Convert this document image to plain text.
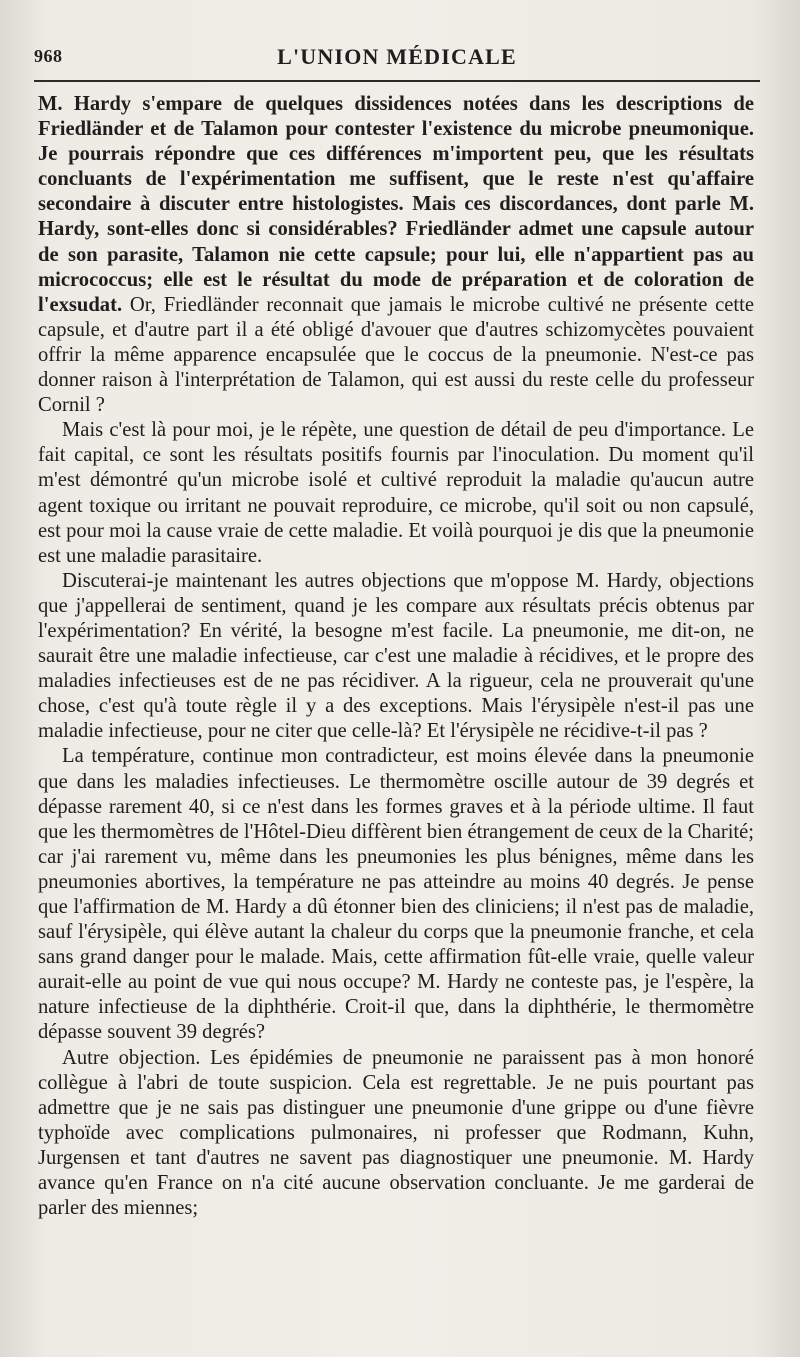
968	L'UNION MÉDICALE

M. Hardy s'empare de quelques dissidences notées dans les descriptions de Friedländer et de Talamon pour contester l'existence du microbe pneumonique. Je pourrais répondre que ces différences m'importent peu, que les résultats concluants de l'expérimentation me suffisent, que le reste n'est qu'affaire secondaire à discuter entre histologistes. Mais ces discordances, dont parle M. Hardy, sont-elles donc si considérables? Friedländer admet une capsule autour de son parasite, Talamon nie cette capsule; pour lui, elle n'appartient pas au micrococcus; elle est le résultat du mode de préparation et de coloration de l'exsudat. Or, Friedländer reconnait que jamais le microbe cultivé ne présente cette capsule, et d'autre part il a été obligé d'avouer que d'autres schizomycètes pouvaient offrir la même apparence encapsulée que le coccus de la pneumonie. N'est-ce pas donner raison à l'interprétation de Talamon, qui est aussi du reste celle du professeur Cornil ?

Mais c'est là pour moi, je le répète, une question de détail de peu d'importance. Le fait capital, ce sont les résultats positifs fournis par l'inoculation. Du moment qu'il m'est démontré qu'un microbe isolé et cultivé reproduit la maladie qu'aucun autre agent toxique ou irritant ne pouvait reproduire, ce microbe, qu'il soit ou non capsulé, est pour moi la cause vraie de cette maladie. Et voilà pourquoi je dis que la pneumonie est une maladie parasitaire.

Discuterai-je maintenant les autres objections que m'oppose M. Hardy, objections que j'appellerai de sentiment, quand je les compare aux résultats précis obtenus par l'expérimentation? En vérité, la besogne m'est facile. La pneumonie, me dit-on, ne saurait être une maladie infectieuse, car c'est une maladie à récidives, et le propre des maladies infectieuses est de ne pas récidiver. A la rigueur, cela ne prouverait qu'une chose, c'est qu'à toute règle il y a des exceptions. Mais l'érysipèle n'est-il pas une maladie infectieuse, pour ne citer que celle-là? Et l'érysipèle ne récidive-t-il pas ?

La température, continue mon contradicteur, est moins élevée dans la pneumonie que dans les maladies infectieuses. Le thermomètre oscille autour de 39 degrés et dépasse rarement 40, si ce n'est dans les formes graves et à la période ultime. Il faut que les thermomètres de l'Hôtel-Dieu diffèrent bien étrangement de ceux de la Charité; car j'ai rarement vu, même dans les pneumonies les plus bénignes, même dans les pneumonies abortives, la température ne pas atteindre au moins 40 degrés. Je pense que l'affirmation de M. Hardy a dû étonner bien des cliniciens; il n'est pas de maladie, sauf l'érysipèle, qui élève autant la chaleur du corps que la pneumonie franche, et cela sans grand danger pour le malade. Mais, cette affirmation fût-elle vraie, quelle valeur aurait-elle au point de vue qui nous occupe? M. Hardy ne conteste pas, je l'espère, la nature infectieuse de la diphthérie. Croit-il que, dans la diphthérie, le thermomètre dépasse souvent 39 degrés?

Autre objection. Les épidémies de pneumonie ne paraissent pas à mon honoré collègue à l'abri de toute suspicion. Cela est regrettable. Je ne puis pourtant pas admettre que je ne sais pas distinguer une pneumonie d'une grippe ou d'une fièvre typhoïde avec complications pulmonaires, ni professer que Rodmann, Kuhn, Jurgensen et tant d'autres ne savent pas diagnostiquer une pneumonie. M. Hardy avance qu'en France on n'a cité aucune observation concluante. Je me garderai de parler des miennes;
